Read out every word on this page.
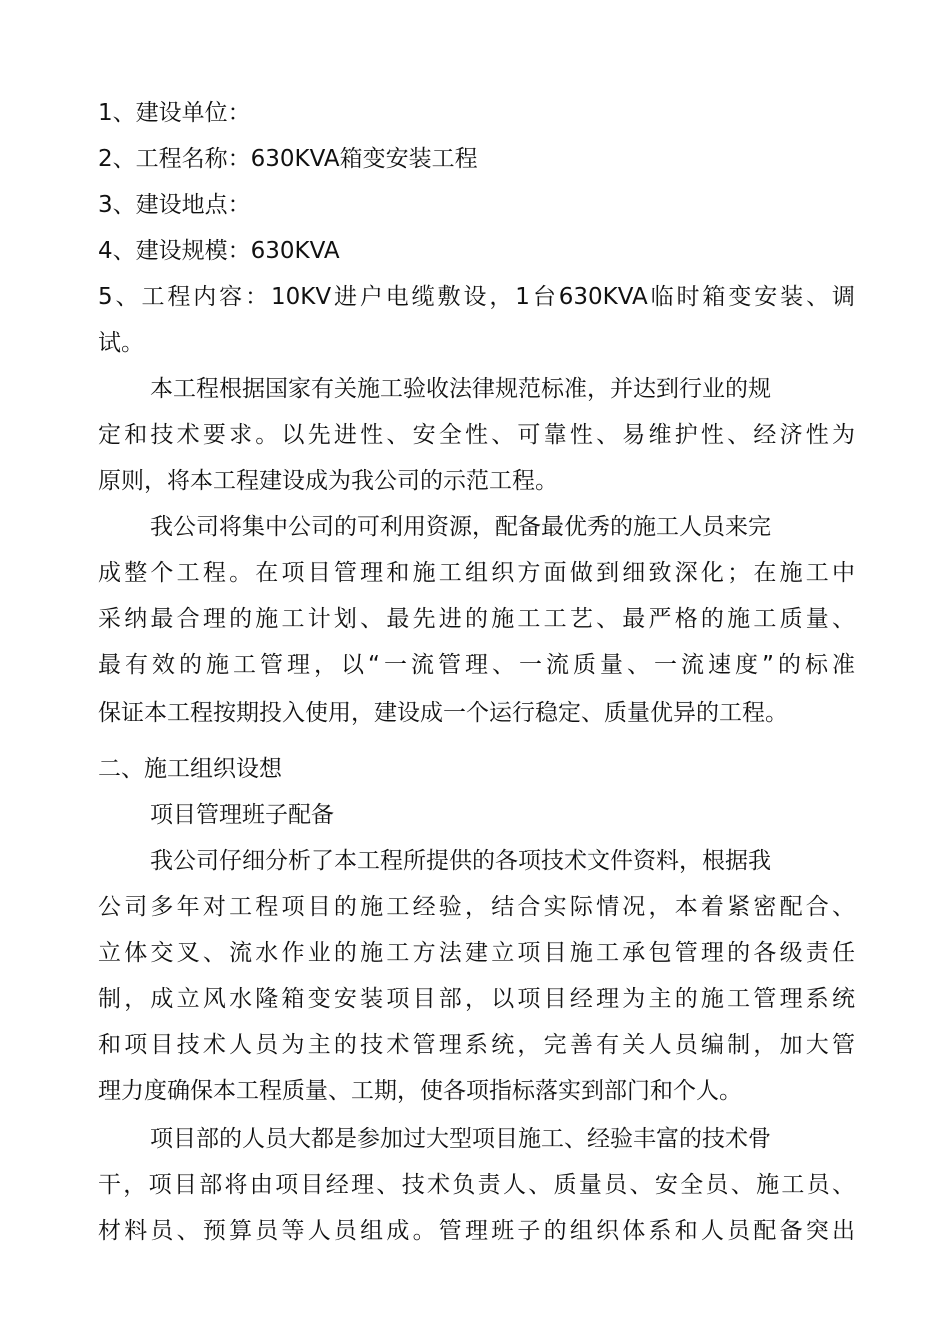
1、建设单位：

2、工程名称：630KVA箱变安装工程

3、建设地点：

4、建设规模：630KVA

5、工程内容：10KV进户电缆敷设，1台630KVA临时箱变安装、调

试。

本工程根据国家有关施工验收法律规范标准，并达到行业的规

定和技术要求。以先进性、安全性、可靠性、易维护性、经济性为

原则，将本工程建设成为我公司的示范工程。

我公司将集中公司的可利用资源，配备最优秀的施工人员来完

成整个工程。在项目管理和施工组织方面做到细致深化；在施工中

采纳最合理的施工计划、最先进的施工工艺、最严格的施工质量、

最有效的施工管理，以“一流管理、一流质量、一流速度”的标准

保证本工程按期投入使用，建设成一个运行稳定、质量优异的工程。

二、施工组织设想

项目管理班子配备

我公司仔细分析了本工程所提供的各项技术文件资料，根据我

公司多年对工程项目的施工经验，结合实际情况，本着紧密配合、

立体交叉、流水作业的施工方法建立项目施工承包管理的各级责任

制，成立风水隆箱变安装项目部，以项目经理为主的施工管理系统

和项目技术人员为主的技术管理系统，完善有关人员编制，加大管

理力度确保本工程质量、工期，使各项指标落实到部门和个人。

项目部的人员大都是参加过大型项目施工、经验丰富的技术骨

干，项目部将由项目经理、技术负责人、质量员、安全员、施工员、

材料员、预算员等人员组成。管理班子的组织体系和人员配备突出
